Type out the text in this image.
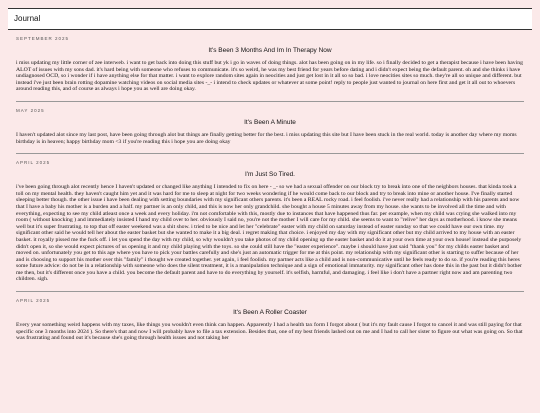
Journal
SEPTEMBER 2025
It's Been 3 Months And Im In Therapy Now

i miss updating my little corner of zee interweb. i want to get back into doing this stuff but yk i go in waves of doing things. alot has been going on in my life. so i finally decided to get a therapist because i have been having ALOT of issues with my sons dad. it's hard being with someone who refuses to communicate. it's so weird, he was my best friend for years before dating and i didn't expect being the default parent. oh and she thinks i have undiagnosed OCD, so i wonder if i have anything else for that matter. i want to explore random sites again in neocities and just get lost in it all so so bad. i love neocities sites so much. they're all so unique and different. but instead i've just been brain rotting dopamine watching videos on social media sites -_- i intend to check updates or whatever at some point! reply to people just wanted to journal on here first and get it all out to whoevers around reading this, and of course as always i hope you as well are doing okay.

MAY 2025
It's Been A Minute

I haven't updated alot since my last post, have been going through alot but things are finally getting better for the best. i miss updating this site but I have been stuck in the real world. today is another day where my moms birthday is in heaven; happy birthday mom <3 if you're reading this i hope you are doing okay

APRIL 2025
I'm Just So Tired.

i've been going through alot recently hence I haven't updated or changed like anything I intended to fix on here - _- so we had a sexual offender on our block try to break into one of the neighbors houses. that kinda took a toll on my mental health. they haven't caught him yet and it was hard for me to sleep at night for two weeks wondering if he would come back to our block and try to break into mine or another house. I've finally started sleeping better though. the other issue i have been dealing with setting boundaries with my significant others parents. it's been a REAL rocky road. i feel foolish. i've never really had a relationship with his parents and now that I have a baby his mother is a burden and a half. my partner is an only child, and this is now her only grandchild. she bought a house 5 minutes away from my house. she wants to be involved all the time and with everything, expecting to see my child atleast once a week and every holiday. i'm not comfortable with this, mostly due to instances that have happened thus far. per example, when my child was crying she walked into my room ( without knocking ) and immediately insisted I hand my child over to her. obviously I said no, you're not the mother I will care for my child. she seems to want to "relive" her days as motherhood. i know she means well but it's super frustrating. to top that off easter weekend was a shit show. i tried to be nice and let her "celebrate" easter with my child on saturday instead of easter sunday so that we could have our own time. my significant other said he would tell her about the easter basket but she wanted to make it a big deal. i regret making that choice. i enjoyed my day with my significant other but my child arrived to my house with an easter basket. it royally pissed me the fuck off. i let you spend the day with my child, so why wouldn't you take photos of my child opening up the easter basket and do it at your own time at your own house! instead she purposely didn't open it, so she would expect pictures of us opening it and my child playing with the toys. so she could still have the "easter experience". maybe i should have just said "thank you" for my childs easter basket and moved on. unfortunately you get to this age where you have to pick your battles carefully and she's just an automatic trigger for me at this point. my relationship with my significant other is starting to suffer because of her and is choosing to support his mother over this "family" i thought we created together. yet again, i feel foolish. my partner acts like a child and is non-communicative until he feels ready to do so. if you're reading this heres some future advice: do not be in a relationship with someone who does the silent treatment, it is a manipulation technique and a sign of emotional immaturity. my significant other has done this in the past but it didn't bother me then, but it's different once you have a child. you become the default parent and have to do everything by yourself. it's selfish, harmful, and damaging. i feel like i don't have a partner right now and am parenting two children. sigh.

APRIL 2025
It's Been A Roller Coaster

Every year something weird happens with my taxes, like things you wouldn't even think can happen. Apparently I had a health tax form I forgot about ( but it's my fault cause I forgot to cancel it and was still paying for that specific one 3 months into 2024 ). So there's that and now I will probably have to file a tax extension. Besides that, one of my best friends lashed out on me and I had to call her sister to figure out what was going on. So that was frustrating and found out it's because she's going through health issues and not taking her
